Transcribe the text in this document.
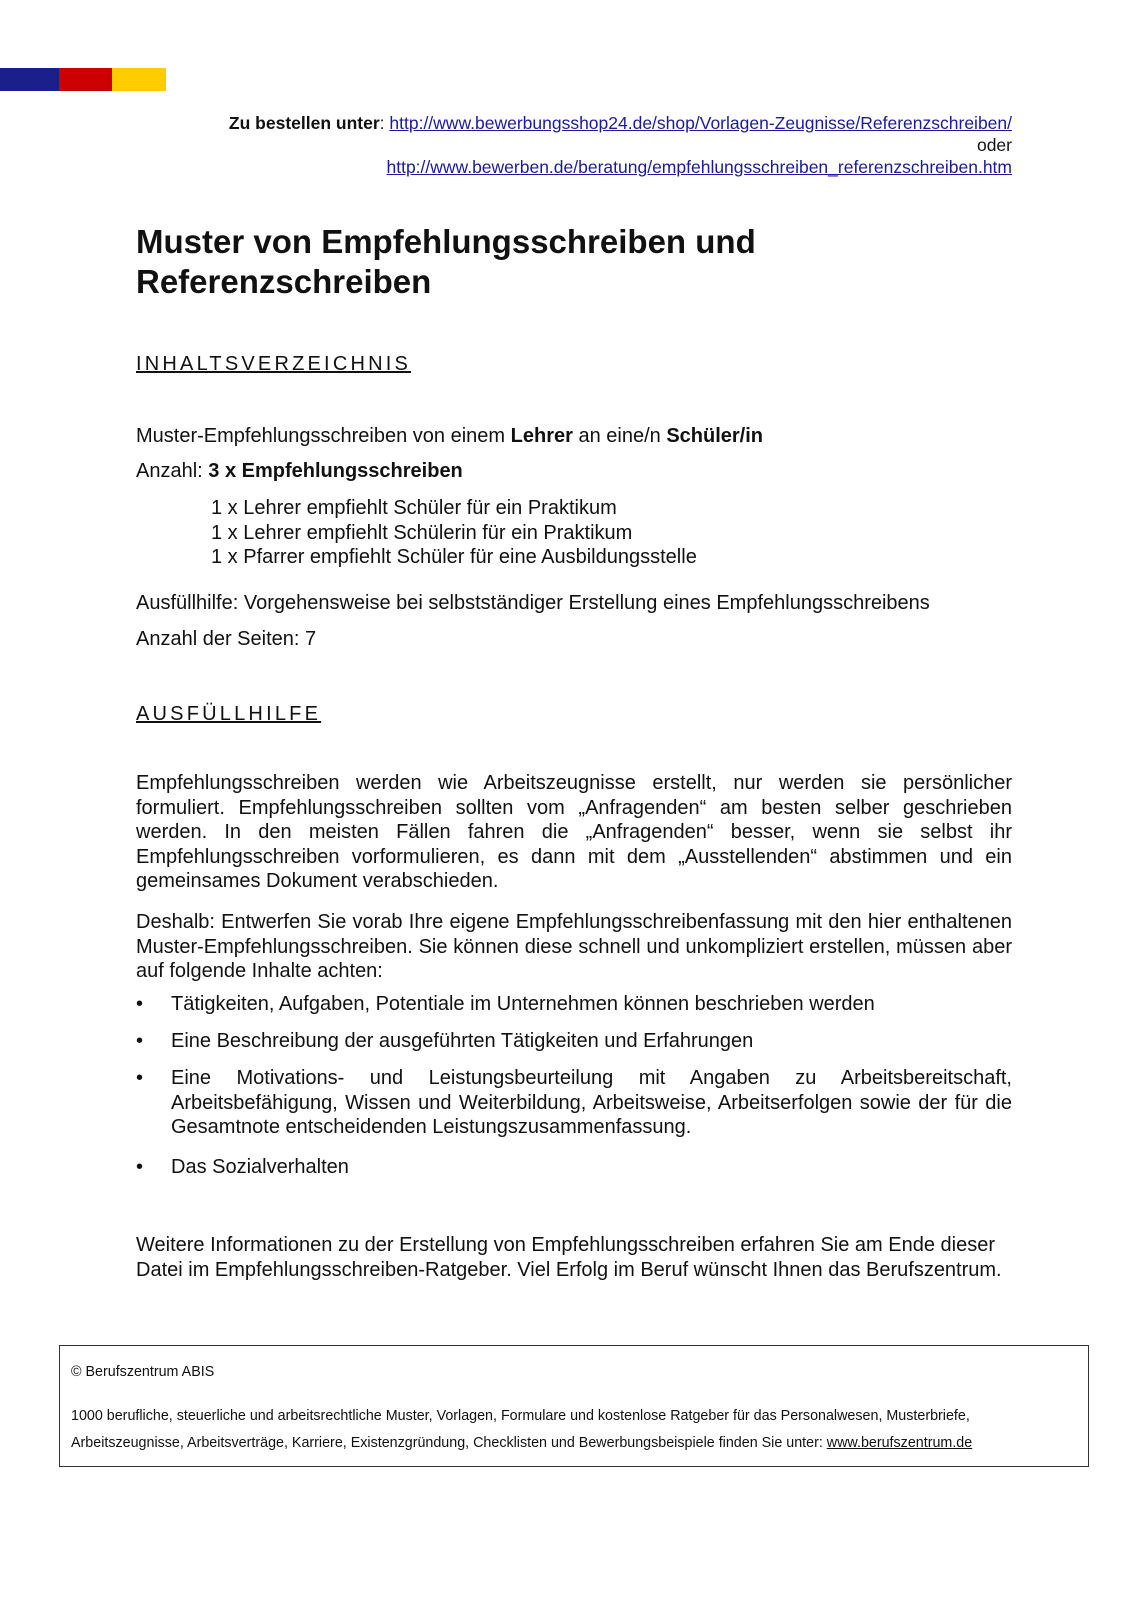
Zu bestellen unter: http://www.bewerbungsshop24.de/shop/Vorlagen-Zeugnisse/Referenzschreiben/
oder
http://www.bewerben.de/beratung/empfehlungsschreiben_referenzschreiben.htm
Muster von Empfehlungsschreiben und
Referenzschreiben
INHALTSVERZEICHNIS

Muster-Empfehlungsschreiben von einem Lehrer an eine/n Schüler/in

Anzahl: 3 x Empfehlungsschreiben

1 x Lehrer empfiehlt Schüler für ein Praktikum
1 x Lehrer empfiehlt Schülerin für ein Praktikum
1 x Pfarrer empfiehlt Schüler für eine Ausbildungsstelle

Ausfüllhilfe: Vorgehensweise bei selbstständiger Erstellung eines Empfehlungsschreibens

Anzahl der Seiten: 7

AUSFÜLLHILFE

Empfehlungsschreiben werden wie Arbeitszeugnisse erstellt, nur werden sie persönlicher formuliert. Empfehlungsschreiben sollten vom „Anfragenden“ am besten selber geschrieben werden. In den meisten Fällen fahren die „Anfragenden“ besser, wenn sie selbst ihr Empfehlungsschreiben vorformulieren, es dann mit dem „Ausstellenden“ abstimmen und ein gemeinsames Dokument verabschieden.

Deshalb: Entwerfen Sie vorab Ihre eigene Empfehlungsschreibenfassung mit den hier enthaltenen Muster-Empfehlungsschreiben. Sie können diese schnell und unkompliziert erstellen, müssen aber auf folgende Inhalte achten:

• Tätigkeiten, Aufgaben, Potentiale im Unternehmen können beschrieben werden
• Eine Beschreibung der ausgeführten Tätigkeiten und Erfahrungen
• Eine Motivations- und Leistungsbeurteilung mit Angaben zu Arbeitsbereitschaft, Arbeitsbefähigung, Wissen und Weiterbildung, Arbeitsweise, Arbeitserfolgen sowie der für die Gesamtnote entscheidenden Leistungszusammenfassung.
• Das Sozialverhalten

Weitere Informationen zu der Erstellung von Empfehlungsschreiben erfahren Sie am Ende dieser Datei im Empfehlungsschreiben-Ratgeber. Viel Erfolg im Beruf wünscht Ihnen das Berufszentrum.

© Berufszentrum ABIS
1000 berufliche, steuerliche und arbeitsrechtliche Muster, Vorlagen, Formulare und kostenlose Ratgeber für das Personalwesen, Musterbriefe, Arbeitszeugnisse, Arbeitsverträge, Karriere, Existenzgründung, Checklisten und Bewerbungsbeispiele finden Sie unter: www.berufszentrum.de
